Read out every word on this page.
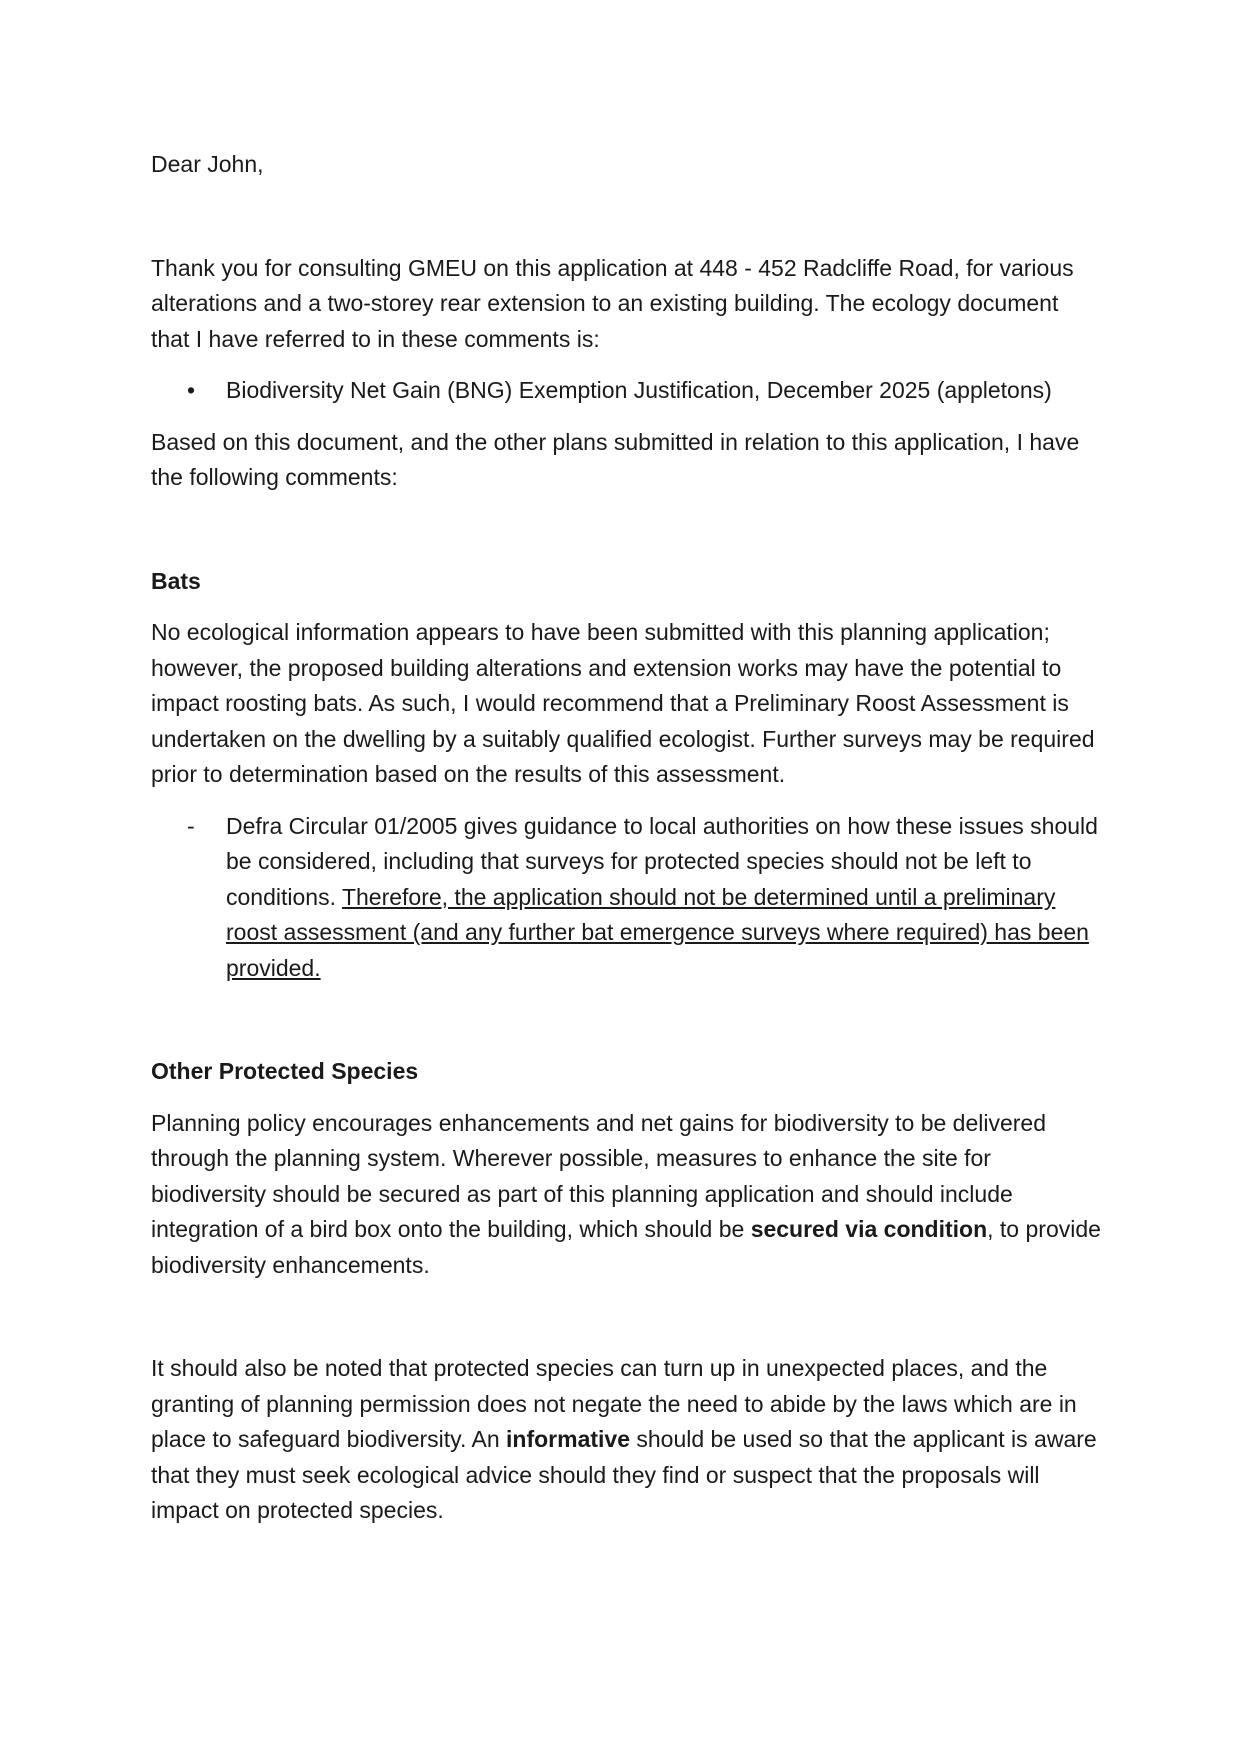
Dear John,

Thank you for consulting GMEU on this application at 448 - 452 Radcliffe Road, for various alterations and a two-storey rear extension to an existing building. The ecology document that I have referred to in these comments is:

• Biodiversity Net Gain (BNG) Exemption Justification, December 2025 (appletons)

Based on this document, and the other plans submitted in relation to this application, I have the following comments:

Bats

No ecological information appears to have been submitted with this planning application; however, the proposed building alterations and extension works may have the potential to impact roosting bats. As such, I would recommend that a Preliminary Roost Assessment is undertaken on the dwelling by a suitably qualified ecologist. Further surveys may be required prior to determination based on the results of this assessment.

- Defra Circular 01/2005 gives guidance to local authorities on how these issues should be considered, including that surveys for protected species should not be left to conditions. Therefore, the application should not be determined until a preliminary roost assessment (and any further bat emergence surveys where required) has been provided.

Other Protected Species

Planning policy encourages enhancements and net gains for biodiversity to be delivered through the planning system. Wherever possible, measures to enhance the site for biodiversity should be secured as part of this planning application and should include integration of a bird box onto the building, which should be secured via condition, to provide biodiversity enhancements.

It should also be noted that protected species can turn up in unexpected places, and the granting of planning permission does not negate the need to abide by the laws which are in place to safeguard biodiversity. An informative should be used so that the applicant is aware that they must seek ecological advice should they find or suspect that the proposals will impact on protected species.
